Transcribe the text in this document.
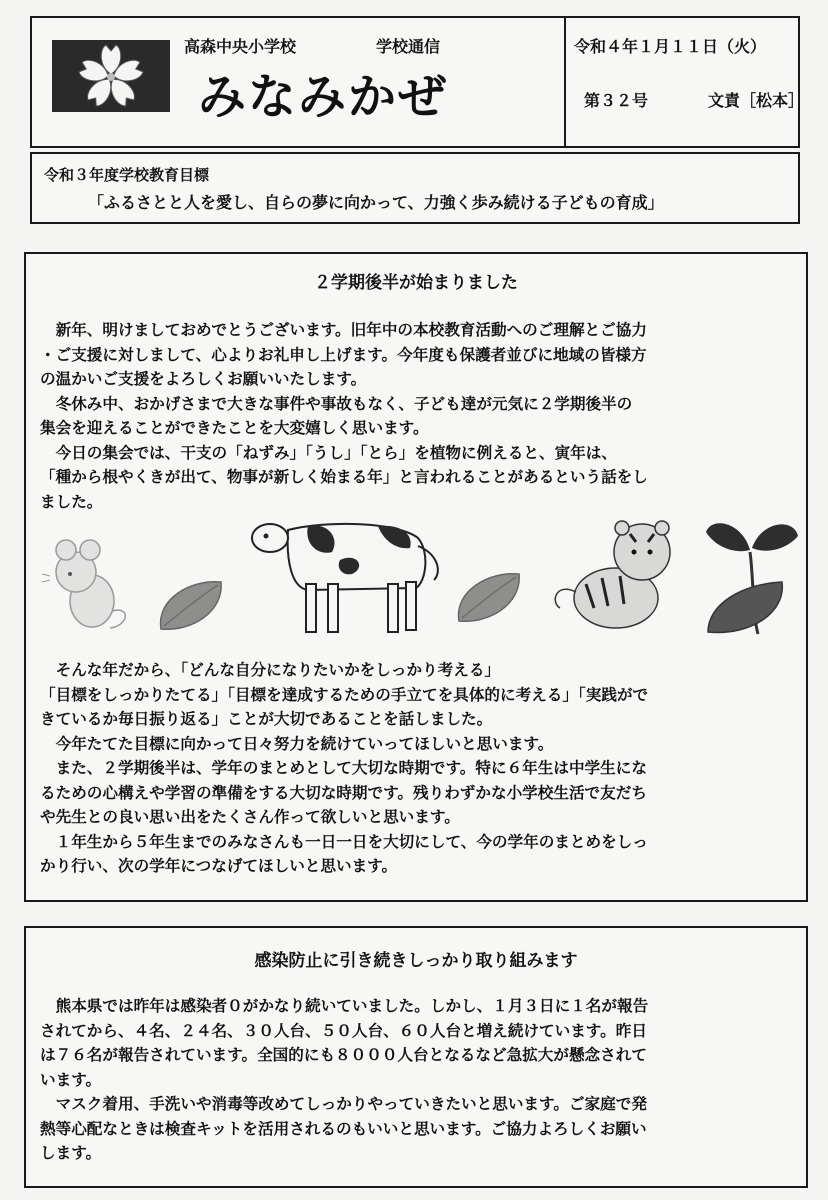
高森中央小学校	学校通信
みなみかぜ
令和４年１月１１日（火）
第３２号	文責［松本］
令和３年度学校教育目標
「ふるさとと人を愛し、自らの夢に向かって、力強く歩み続ける子どもの育成」
２学期後半が始まりました

　新年、明けましておめでとうございます。旧年中の本校教育活動へのご理解とご協力
・ご支援に対しまして、心よりお礼申し上げます。今年度も保護者並びに地域の皆様方
の温かいご支援をよろしくお願いいたします。
　冬休み中、おかげさまで大きな事件や事故もなく、子ども達が元気に２学期後半の
集会を迎えることができたことを大変嬉しく思います。
　今日の集会では、干支の「ねずみ」「うし」「とら」を植物に例えると、寅年は、
「種から根やくきが出て、物事が新しく始まる年」と言われることがあるという話をし
ました。

　そんな年だから、「どんな自分になりたいかをしっかり考える」
「目標をしっかりたてる」「目標を達成するための手立てを具体的に考える」「実践がで
きているか毎日振り返る」ことが大切であることを話しました。
　今年たてた目標に向かって日々努力を続けていってほしいと思います。
　また、２学期後半は、学年のまとめとして大切な時期です。特に６年生は中学生にな
るための心構えや学習の準備をする大切な時期です。残りわずかな小学校生活で友だち
や先生との良い思い出をたくさん作って欲しいと思います。
　１年生から５年生までのみなさんも一日一日を大切にして、今の学年のまとめをしっ
かり行い、次の学年につなげてほしいと思います。

感染防止に引き続きしっかり取り組みます

　熊本県では昨年は感染者０がかなり続いていました。しかし、１月３日に１名が報告
されてから、４名、２４名、３０人台、５０人台、６０人台と増え続けています。昨日
は７６名が報告されています。全国的にも８０００人台となるなど急拡大が懸念されて
います。
　マスク着用、手洗いや消毒等改めてしっかりやっていきたいと思います。ご家庭で発
熱等心配なときは検査キットを活用されるのもいいと思います。ご協力よろしくお願い
します。
